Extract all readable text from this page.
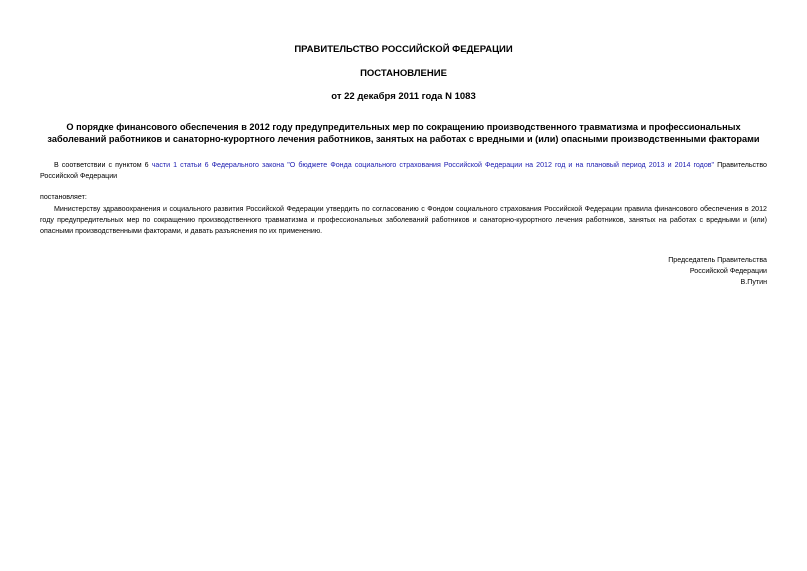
ПРАВИТЕЛЬСТВО РОССИЙСКОЙ ФЕДЕРАЦИИ
ПОСТАНОВЛЕНИЕ
от 22 декабря 2011 года N 1083
О порядке финансового обеспечения в 2012 году предупредительных мер по сокращению производственного травматизма и профессиональных заболеваний работников и санаторно-курортного лечения работников, занятых на работах с вредными и (или) опасными производственными факторами
В соответствии с пунктом 6 части 1 статьи 6 Федерального закона "О бюджете Фонда социального страхования Российской Федерации на 2012 год и на плановый период 2013 и 2014 годов" Правительство Российской Федерации
постановляет:
Министерству здравоохранения и социального развития Российской Федерации утвердить по согласованию с Фондом социального страхования Российской Федерации правила финансового обеспечения в 2012 году предупредительных мер по сокращению производственного травматизма и профессиональных заболеваний работников и санаторно-курортного лечения работников, занятых на работах с вредными и (или) опасными производственными факторами, и давать разъяснения по их применению.
Председатель Правительства
Российской Федерации
В.Путин
